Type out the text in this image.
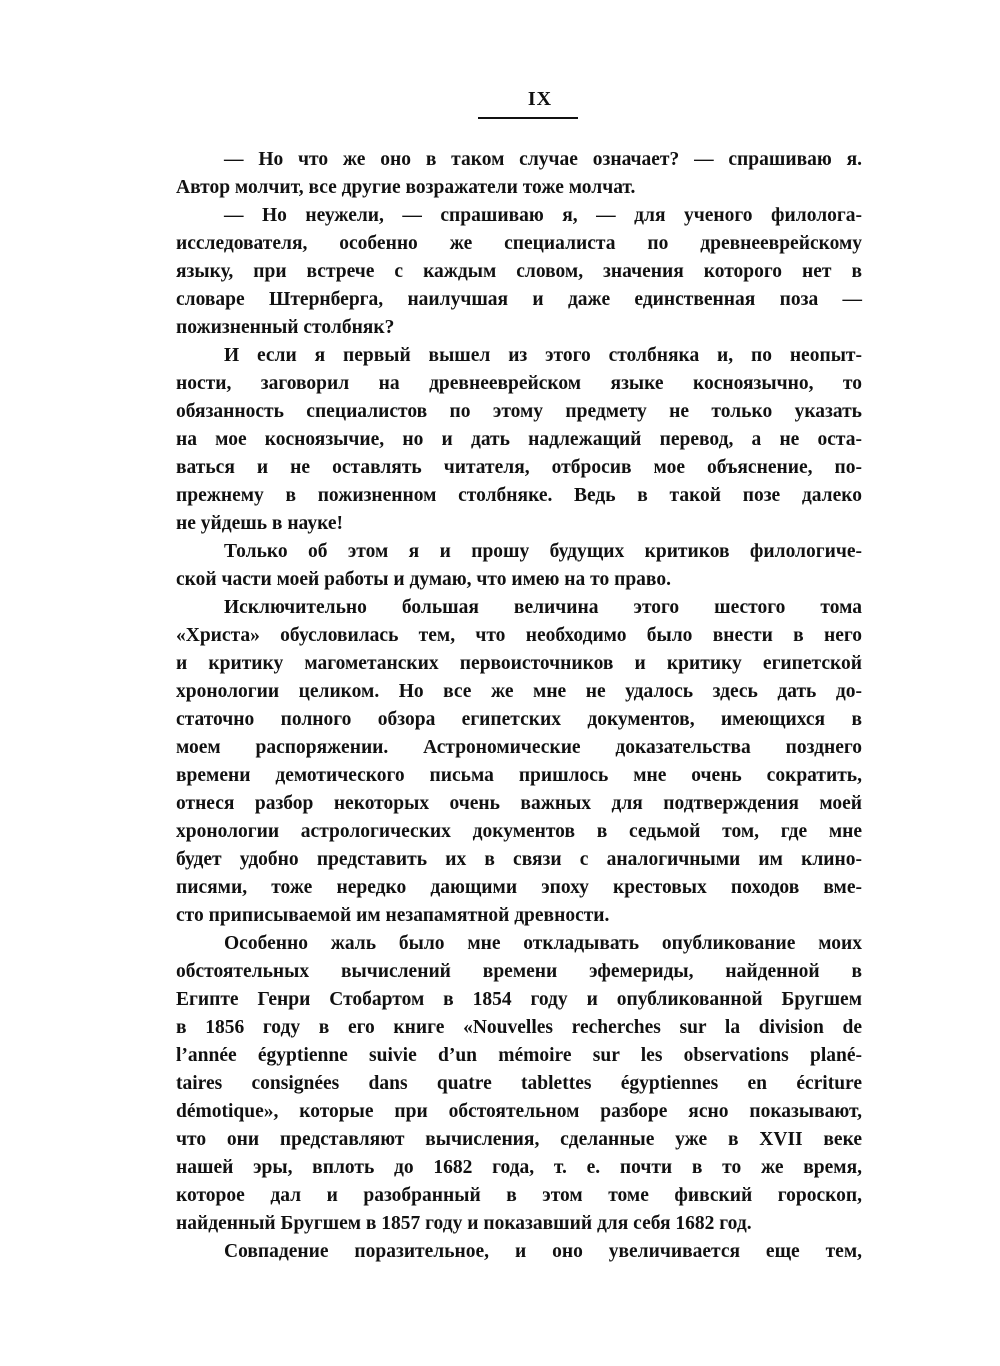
IX
— Но что же оно в таком случае означает? — спрашиваю я.
Автор молчит, все другие возражатели тоже молчат.
— Но неужели, — спрашиваю я, — для ученого филолога-
исследователя, особенно же специалиста по древнееврейскому
языку, при встрече с каждым словом, значения которого нет в
словаре Штернберга, наилучшая и даже единственная поза —
пожизненный столбняк?
И если я первый вышел из этого столбняка и, по неопыт-
ности, заговорил на древнееврейском языке косноязычно, то
обязанность специалистов по этому предмету не только указать
на мое косноязычие, но и дать надлежащий перевод, а не оста-
ваться и не оставлять читателя, отбросив мое объяснение, по-
прежнему в пожизненном столбняке. Ведь в такой позе далеко
не уйдешь в науке!
Только об этом я и прошу будущих критиков филологиче-
ской части моей работы и думаю, что имею на то право.
Исключительно большая величина этого шестого тома
«Христа» обусловилась тем, что необходимо было внести в него
и критику магометанских первоисточников и критику египетской
хронологии целиком. Но все же мне не удалось здесь дать до-
статочно полного обзора египетских документов, имеющихся в
моем распоряжении. Астрономические доказательства позднего
времени демотического письма пришлось мне очень сократить,
отнеся разбор некоторых очень важных для подтверждения моей
хронологии астрологических документов в седьмой том, где мне
будет удобно представить их в связи с аналогичными им клино-
писями, тоже нередко дающими эпоху крестовых походов вме-
сто приписываемой им незапамятной древности.
Особенно жаль было мне откладывать опубликование моих
обстоятельных вычислений времени эфемериды, найденной в
Египте Генри Стобартом в 1854 году и опубликованной Бругшем
в 1856 году в его книге «Nouvelles recherches sur la division de
l’année égyptienne suivie d’un mémoire sur les observations plané-
taires consignées dans quatre tablettes égyptiennes en écriture
démotique», которые при обстоятельном разборе ясно показывают,
что они представляют вычисления, сделанные уже в XVII веке
нашей эры, вплоть до 1682 года, т. е. почти в то же время,
которое дал и разобранный в этом томе фивский гороскоп,
найденный Бругшем в 1857 году и показавший для себя 1682 год.
Совпадение поразительное, и оно увеличивается еще тем,
